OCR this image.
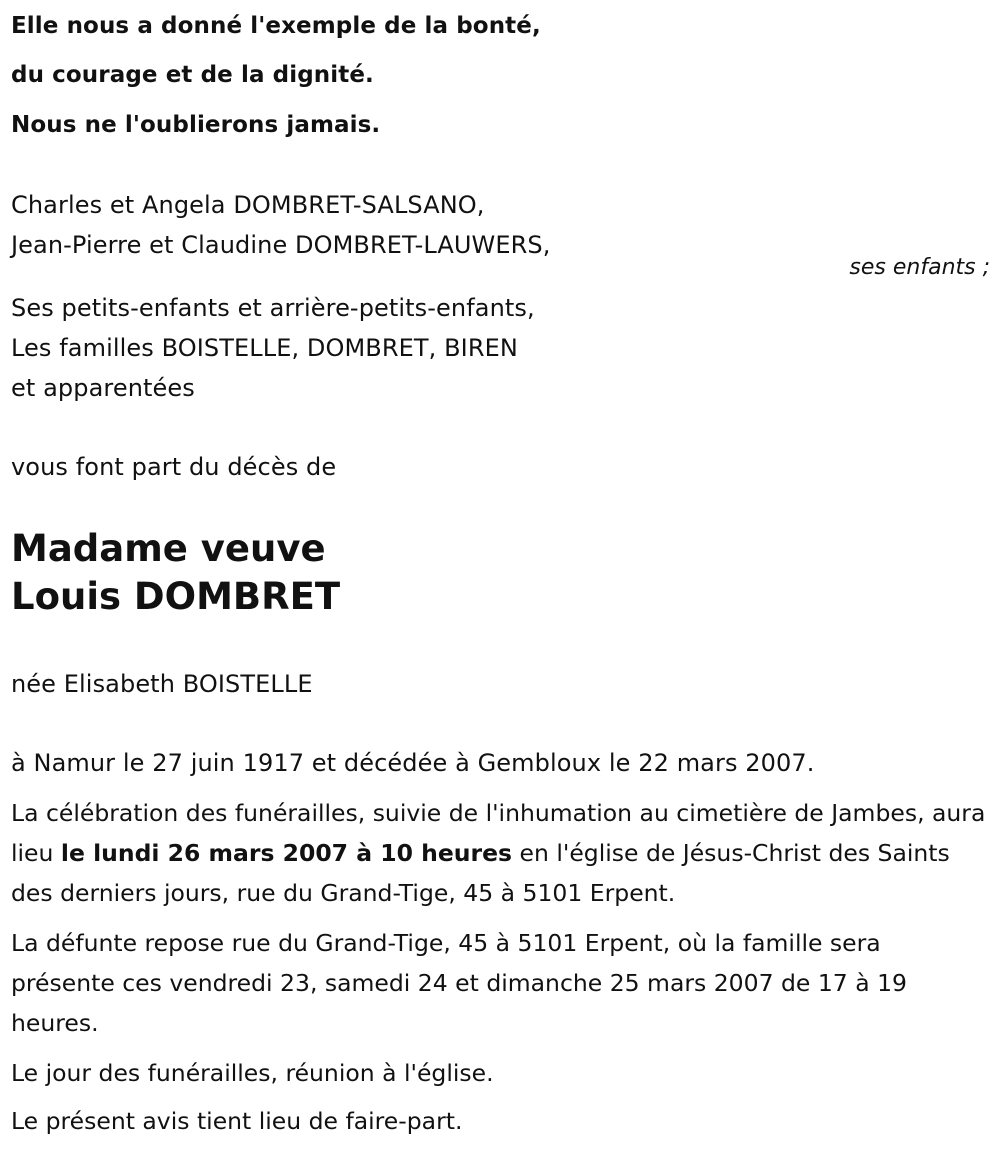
Elle nous a donné l'exemple de la bonté,
du courage et de la dignité.
Nous ne l'oublierons jamais.
Charles et Angela DOMBRET-SALSANO,
Jean-Pierre et Claudine DOMBRET-LAUWERS,
ses enfants ;
Ses petits-enfants et arrière-petits-enfants,
Les familles BOISTELLE, DOMBRET, BIREN
et apparentées
vous font part du décès de
Madame veuve
Louis DOMBRET
née Elisabeth BOISTELLE
à Namur le 27 juin 1917 et décédée à Gembloux le 22 mars 2007.
La célébration des funérailles, suivie de l'inhumation au cimetière de Jambes, aura lieu le lundi 26 mars 2007 à 10 heures en l'église de Jésus-Christ des Saints des derniers jours, rue du Grand-Tige, 45 à 5101 Erpent.
La défunte repose rue du Grand-Tige, 45 à 5101 Erpent, où la famille sera présente ces vendredi 23, samedi 24 et dimanche 25 mars 2007 de 17 à 19 heures.
Le jour des funérailles, réunion à l'église.
Le présent avis tient lieu de faire-part.
